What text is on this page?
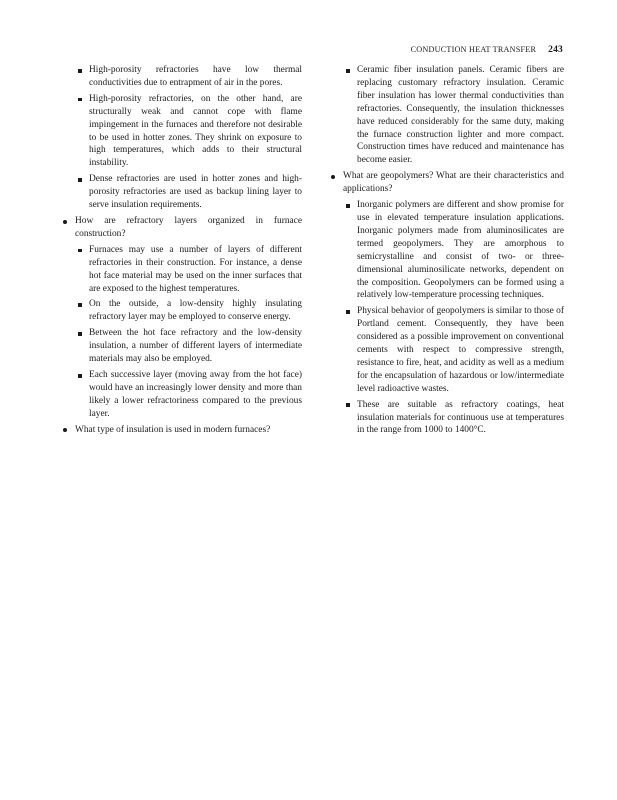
CONDUCTION HEAT TRANSFER 243
High-porosity refractories have low thermal conductivities due to entrapment of air in the pores.
High-porosity refractories, on the other hand, are structurally weak and cannot cope with flame impingement in the furnaces and therefore not desirable to be used in hotter zones. They shrink on exposure to high temperatures, which adds to their structural instability.
Dense refractories are used in hotter zones and high-porosity refractories are used as backup lining layer to serve insulation requirements.
How are refractory layers organized in furnace construction?
Furnaces may use a number of layers of different refractories in their construction. For instance, a dense hot face material may be used on the inner surfaces that are exposed to the highest temperatures.
On the outside, a low-density highly insulating refractory layer may be employed to conserve energy.
Between the hot face refractory and the low-density insulation, a number of different layers of intermediate materials may also be employed.
Each successive layer (moving away from the hot face) would have an increasingly lower density and more than likely a lower refractoriness compared to the previous layer.
What type of insulation is used in modern furnaces?
Ceramic fiber insulation panels. Ceramic fibers are replacing customary refractory insulation. Ceramic fiber insulation has lower thermal conductivities than refractories. Consequently, the insulation thicknesses have reduced considerably for the same duty, making the furnace construction lighter and more compact. Construction times have reduced and maintenance has become easier.
What are geopolymers? What are their characteristics and applications?
Inorganic polymers are different and show promise for use in elevated temperature insulation applications. Inorganic polymers made from aluminosilicates are termed geopolymers. They are amorphous to semicrystalline and consist of two- or three-dimensional aluminosilicate networks, dependent on the composition. Geopolymers can be formed using a relatively low-temperature processing techniques.
Physical behavior of geopolymers is similar to those of Portland cement. Consequently, they have been considered as a possible improvement on conventional cements with respect to compressive strength, resistance to fire, heat, and acidity as well as a medium for the encapsulation of hazardous or low/intermediate level radioactive wastes.
These are suitable as refractory coatings, heat insulation materials for continuous use at temperatures in the range from 1000 to 1400°C.
